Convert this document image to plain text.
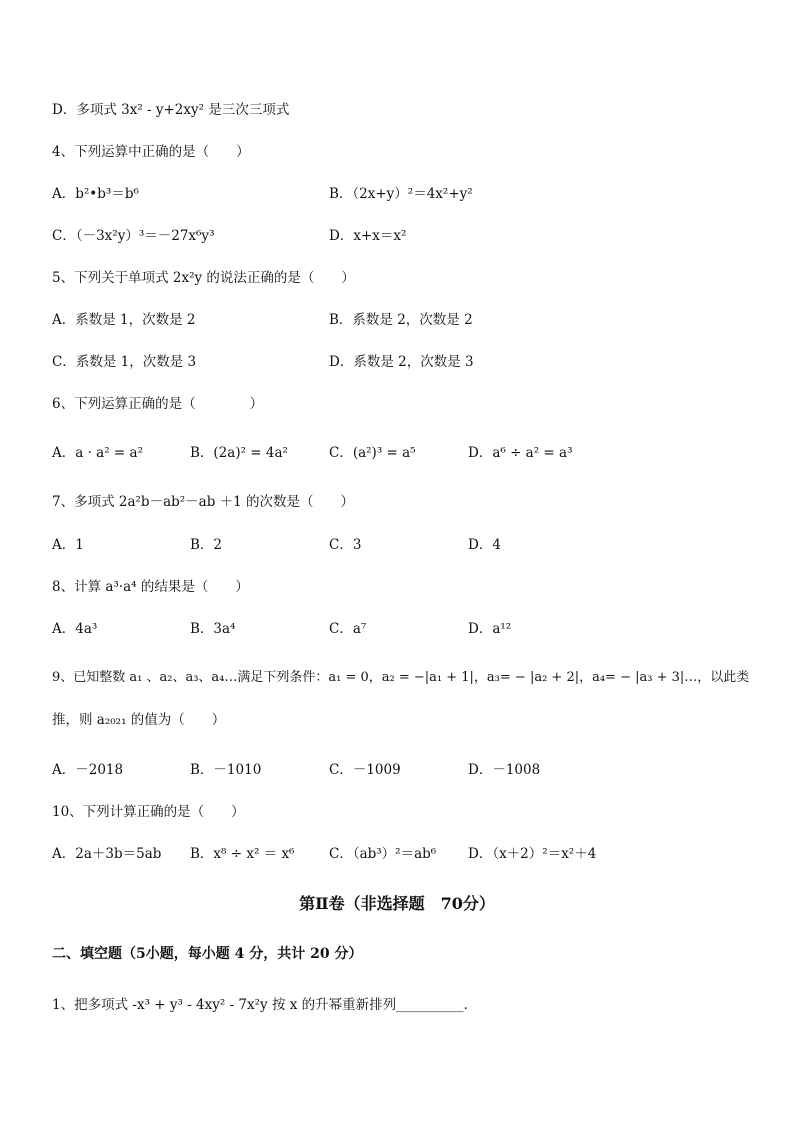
D．多项式 3x² - y+2xy² 是三次三项式
4、下列运算中正确的是（　　）
A．b²•b³＝b⁶	B．（2x+y）²＝4x²+y²
C．（－3x²y）³＝－27x⁶y³	D．x+x＝x²
5、下列关于单项式 2x²y 的说法正确的是（　　）
A．系数是 1，次数是 2	B．系数是 2，次数是 2
C．系数是 1，次数是 3	D．系数是 2，次数是 3
6、下列运算正确的是（　　　　）
A．a · a² = a²	B．(2a)² = 4a²	C．(a²)³ = a⁵	D．a⁶ ÷ a² = a³
7、多项式 2a²b－ab²－ab ＋1 的次数是（　　）
A．1	B．2	C．3	D．4
8、计算 a³·a⁴ 的结果是（　　）
A．4a³	B．3a⁴	C．a⁷	D．a¹²
9、已知整数 a₁ 、a₂、a₃、a₄…满足下列条件：a₁ = 0，a₂ = −|a₁ + 1|，a₃= − |a₂ + 2|，a₄= − |a₃ + 3|…，以此类
推，则 a₂₀₂₁ 的值为（　　）
A．－2018	B．－1010	C．－1009	D．－1008
10、下列计算正确的是（　　）
A．2a＋3b＝5ab B．x⁸ ÷ x² ＝ x⁶	C．（ab³）²＝ab⁶ D．（x＋2）²＝x²＋4
第Ⅱ卷（非选择题　70分）
二、填空题（5小题，每小题 4 分，共计 20 分）
1、把多项式 -x³ + y³ - 4xy² - 7x²y 按 x 的升幂重新排列__________．
